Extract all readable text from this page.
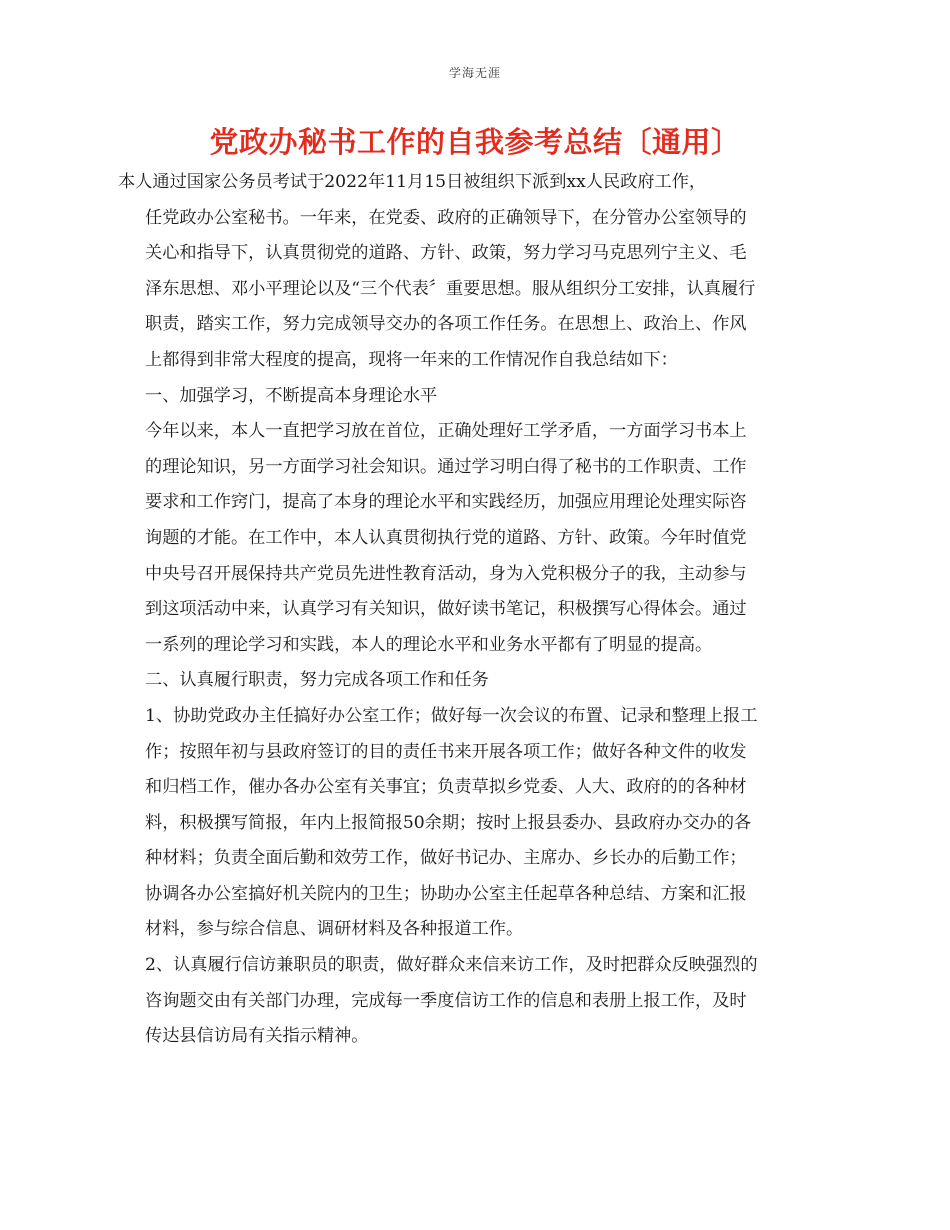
学海无涯
党政办秘书工作的自我参考总结〔通用〕
本人通过国家公务员考试于2022年11月15日被组织下派到xx人民政府工作，
任党政办公室秘书。一年来，在党委、政府的正确领导下，在分管办公室领导的
关心和指导下，认真贯彻党的道路、方针、政策，努力学习马克思列宁主义、毛
泽东思想、邓小平理论以及“三个代表〞重要思想。服从组织分工安排，认真履行
职责，踏实工作，努力完成领导交办的各项工作任务。在思想上、政治上、作风
上都得到非常大程度的提高，现将一年来的工作情况作自我总结如下：
一、加强学习，不断提高本身理论水平
今年以来，本人一直把学习放在首位，正确处理好工学矛盾，一方面学习书本上
的理论知识，另一方面学习社会知识。通过学习明白得了秘书的工作职责、工作
要求和工作窍门，提高了本身的理论水平和实践经历，加强应用理论处理实际咨
询题的才能。在工作中，本人认真贯彻执行党的道路、方针、政策。今年时值党
中央号召开展保持共产党员先进性教育活动，身为入党积极分子的我，主动参与
到这项活动中来，认真学习有关知识，做好读书笔记，积极撰写心得体会。通过
一系列的理论学习和实践，本人的理论水平和业务水平都有了明显的提高。
二、认真履行职责，努力完成各项工作和任务
1、协助党政办主任搞好办公室工作；做好每一次会议的布置、记录和整理上报工
作；按照年初与县政府签订的目的责任书来开展各项工作；做好各种文件的收发
和归档工作，催办各办公室有关事宜；负责草拟乡党委、人大、政府的的各种材
料，积极撰写简报，年内上报简报50余期；按时上报县委办、县政府办交办的各
种材料；负责全面后勤和效劳工作，做好书记办、主席办、乡长办的后勤工作；
协调各办公室搞好机关院内的卫生；协助办公室主任起草各种总结、方案和汇报
材料，参与综合信息、调研材料及各种报道工作。
2、认真履行信访兼职员的职责，做好群众来信来访工作，及时把群众反映强烈的
咨询题交由有关部门办理，完成每一季度信访工作的信息和表册上报工作，及时
传达县信访局有关指示精神。
